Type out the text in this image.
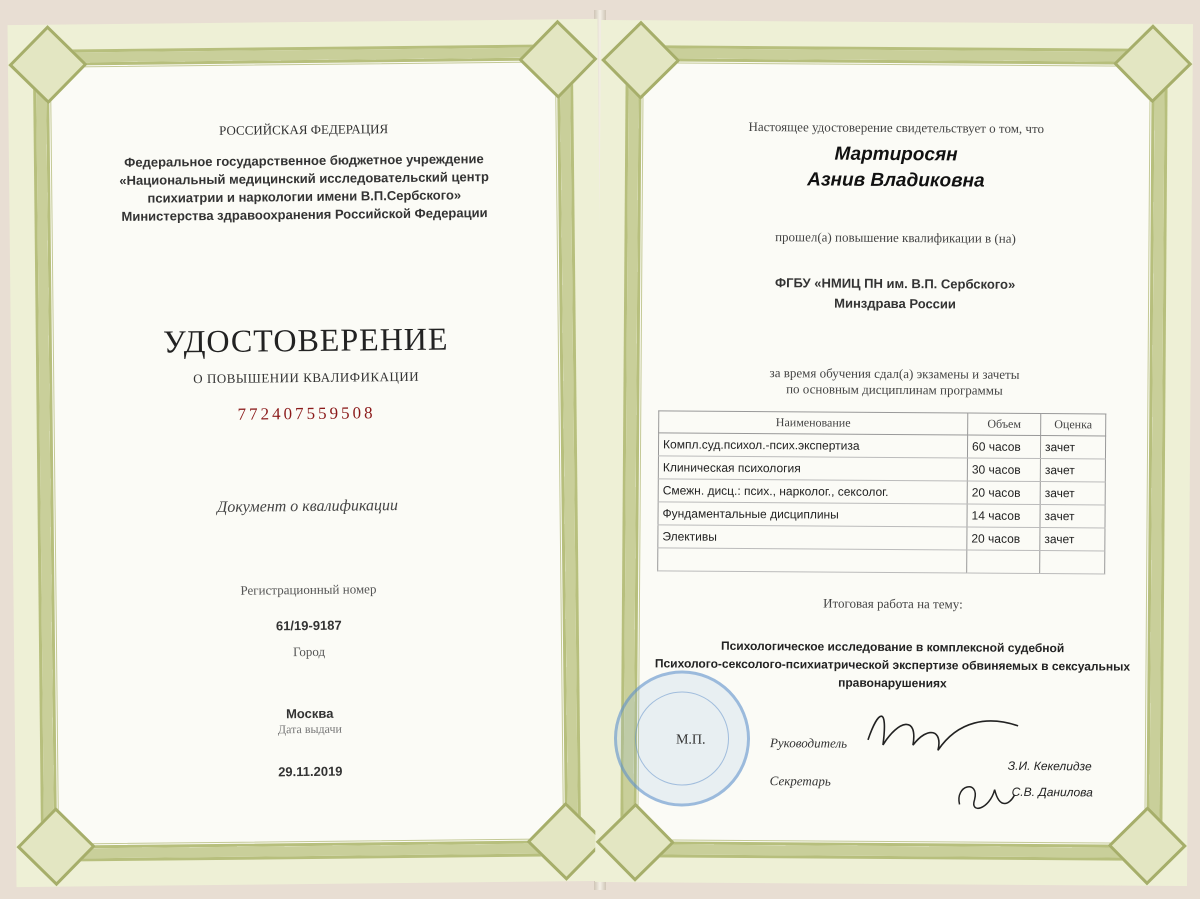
РОССИЙСКАЯ ФЕДЕРАЦИЯ
Федеральное государственное бюджетное учреждение
«Национальный медицинский исследовательский центр
психиатрии и наркологии имени В.П.Сербского»
Министерства здравоохранения Российской Федерации
УДОСТОВЕРЕНИЕ
О ПОВЫШЕНИИ КВАЛИФИКАЦИИ
772407559508
Документ о квалификации
Регистрационный номер
61/19-9187
Город
Дата выдачи
Москва
29.11.2019
Настоящее удостоверение свидетельствует о том, что
Мартиросян
Азнив Владиковна
прошел(а) повышение квалификации в (на)
ФГБУ «НМИЦ ПН им. В.П. Сербского»
Минздрава России
за время обучения сдал(а) экзамены и зачеты
по основным дисциплинам программы
Наименование	Объем	Оценка
Компл.суд.психол.-псих.экспертиза	60 часов	зачет
Клиническая психология	30 часов	зачет
Смежн. дисц.: псих., нарколог., сексолог.	20 часов	зачет
Фундаментальные дисциплины	14 часов	зачет
Элективы	20 часов	зачет

Итоговая работа на тему:
Психологическое исследование в комплексной судебной
Психолого-сексолого-психиатрической экспертизе обвиняемых в сексуальных
правонарушениях
М.П.	Руководитель
Секретарь
З.И. Кекелидзе
С.В. Данилова
